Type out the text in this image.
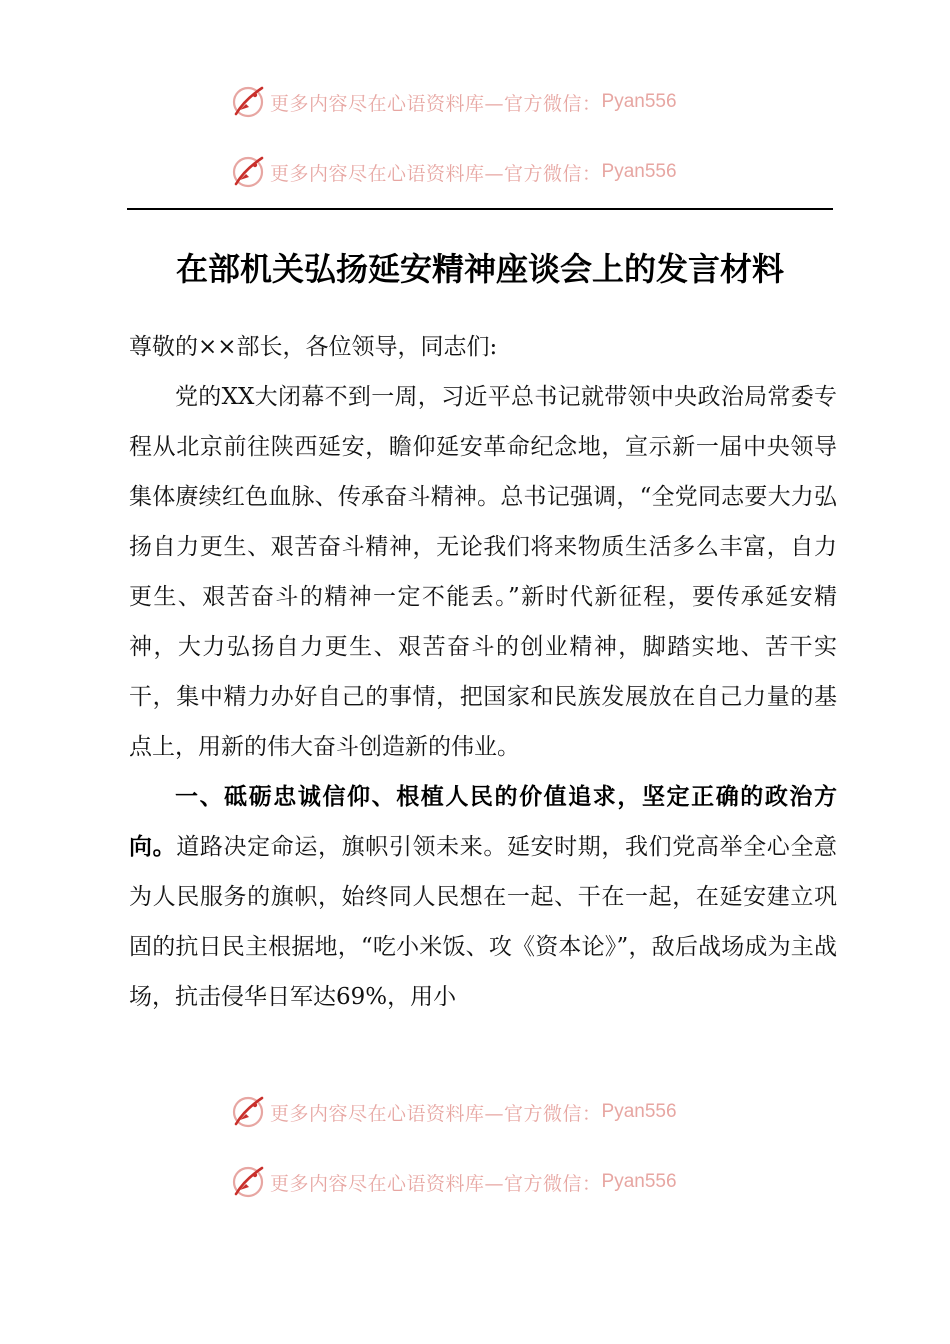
更多内容尽在心语资料库—官方微信： Pyan556
更多内容尽在心语资料库—官方微信： Pyan556
在部机关弘扬延安精神座谈会上的发言材料

尊敬的××部长，各位领导，同志们:

党的XX大闭幕不到一周，习近平总书记就带领中央政治局常委专程从北京前往陕西延安，瞻仰延安革命纪念地，宣示新一届中央领导集体赓续红色血脉、传承奋斗精神。总书记强调，“全党同志要大力弘扬自力更生、艰苦奋斗精神，无论我们将来物质生活多么丰富，自力更生、艰苦奋斗的精神一定不能丢。”新时代新征程，要传承延安精神，大力弘扬自力更生、艰苦奋斗的创业精神，脚踏实地、苦干实干，集中精力办好自己的事情，把国家和民族发展放在自己力量的基点上，用新的伟大奋斗创造新的伟业。

一、砥砺忠诚信仰、根植人民的价值追求，坚定正确的政治方向。道路决定命运，旗帜引领未来。延安时期，我们党高举全心全意为人民服务的旗帜，始终同人民想在一起、干在一起，在延安建立巩固的抗日民主根据地，“吃小米饭、攻《资本论》”，敌后战场成为主战场，抗击侵华日军达69%，用小

更多内容尽在心语资料库—官方微信： Pyan556
更多内容尽在心语资料库—官方微信： Pyan556
